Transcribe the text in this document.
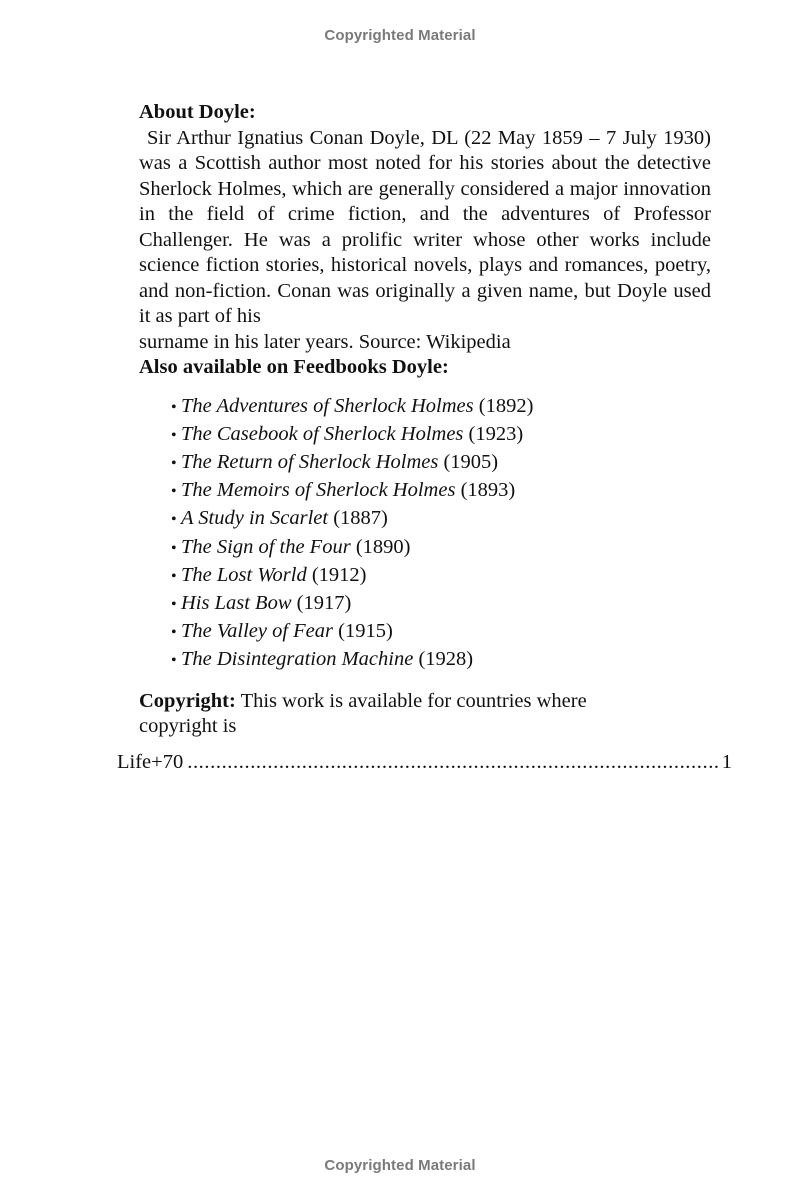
Copyrighted Material

About Doyle:

Sir Arthur Ignatius Conan Doyle, DL (22 May 1859 – 7 July 1930) was a Scottish author most noted for his stories about the detective Sherlock Holmes, which are generally considered a major innovation in the field of crime fiction, and the adventures of Professor Challenger. He was a prolific writer whose other works include science fiction stories, historical novels, plays and romances, poetry, and non-fiction. Conan was originally a given name, but Doyle used it as part of his

surname in his later years. Source: Wikipedia

Also available on Feedbooks Doyle:

• The Adventures of Sherlock Holmes (1892)
• The Casebook of Sherlock Holmes (1923)
• The Return of Sherlock Holmes (1905)
• The Memoirs of Sherlock Holmes (1893)
• A Study in Scarlet (1887)
• The Sign of the Four (1890)
• The Lost World (1912)
• His Last Bow (1917)
• The Valley of Fear (1915)
• The Disintegration Machine (1928)

Copyright: This work is available for countries where copyright is

Life+70
.....	1
Copyrighted Material
